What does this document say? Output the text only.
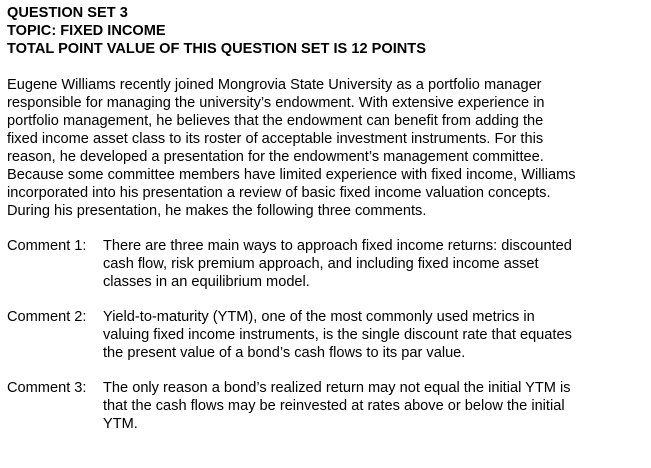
QUESTION SET 3
TOPIC: FIXED INCOME
TOTAL POINT VALUE OF THIS QUESTION SET IS 12 POINTS
Eugene Williams recently joined Mongrovia State University as a portfolio manager
responsible for managing the university’s endowment. With extensive experience in
portfolio management, he believes that the endowment can benefit from adding the
fixed income asset class to its roster of acceptable investment instruments. For this
reason, he developed a presentation for the endowment’s management committee.
Because some committee members have limited experience with fixed income, Williams
incorporated into his presentation a review of basic fixed income valuation concepts.
During his presentation, he makes the following three comments.
Comment 1: There are three main ways to approach fixed income returns: discounted
cash flow, risk premium approach, and including fixed income asset
classes in an equilibrium model.
Comment 2: Yield-to-maturity (YTM), one of the most commonly used metrics in
valuing fixed income instruments, is the single discount rate that equates
the present value of a bond’s cash flows to its par value.
Comment 3: The only reason a bond’s realized return may not equal the initial YTM is
that the cash flows may be reinvested at rates above or below the initial
YTM.
